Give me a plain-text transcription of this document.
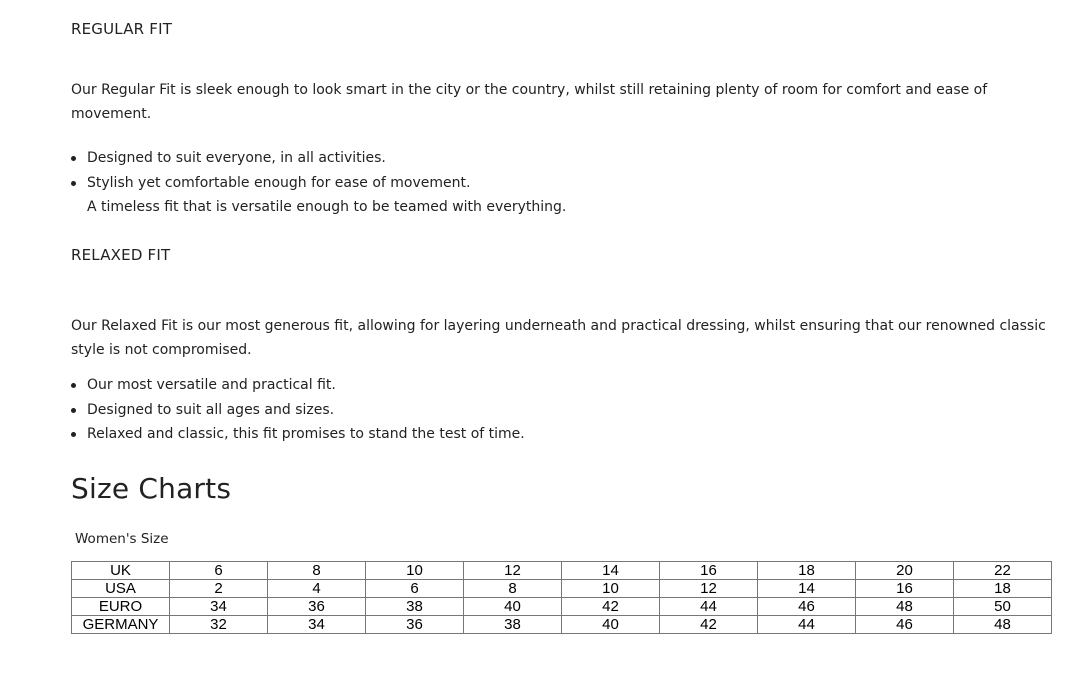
REGULAR FIT
Our Regular Fit is sleek enough to look smart in the city or the country, whilst still retaining plenty of room for comfort and ease of movement.
Designed to suit everyone, in all activities.
Stylish yet comfortable enough for ease of movement.
A timeless fit that is versatile enough to be teamed with everything.
RELAXED FIT
Our Relaxed Fit is our most generous fit, allowing for layering underneath and practical dressing, whilst ensuring that our renowned classic style is not compromised.
Our most versatile and practical fit.
Designed to suit all ages and sizes.
Relaxed and classic, this fit promises to stand the test of time.
Size Charts
Women's Size
UK	6	8	10	12	14	16	18	20	22
USA	2	4	6	8	10	12	14	16	18
EURO	34	36	38	40	42	44	46	48	50
GERMANY	32	34	36	38	40	42	44	46	48
